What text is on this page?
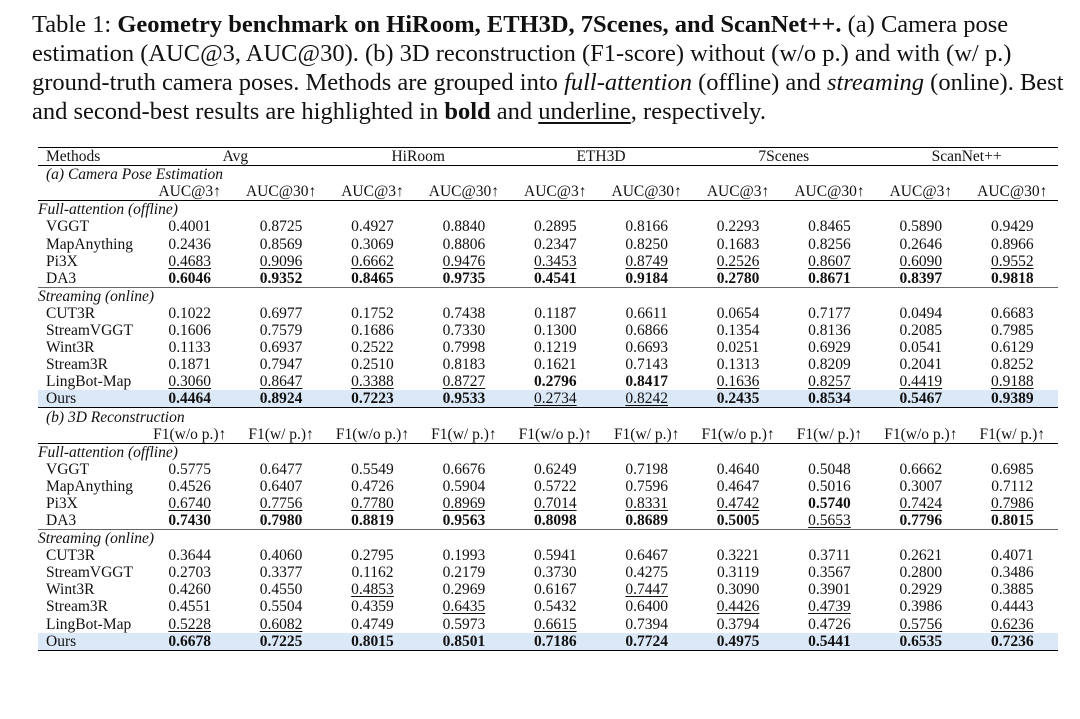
Table 1: Geometry benchmark on HiRoom, ETH3D, 7Scenes, and ScanNet++. (a) Camera pose estimation (AUC@3, AUC@30). (b) 3D reconstruction (F1-score) without (w/o p.) and with (w/ p.) ground-truth camera poses. Methods are grouped into full-attention (offline) and streaming (online). Best and second-best results are highlighted in bold and underline, respectively.
Methods	Avg		HiRoom		ETH3D		7Scenes		ScanNet++	
(a) Camera Pose Estimation										
	AUC@3↑	AUC@30↑	AUC@3↑	AUC@30↑	AUC@3↑	AUC@30↑	AUC@3↑	AUC@30↑	AUC@3↑	AUC@30↑
Full-attention (offline)										
VGGT	0.4001	0.8725	0.4927	0.8840	0.2895	0.8166	0.2293	0.8465	0.5890	0.9429
MapAnything	0.2436	0.8569	0.3069	0.8806	0.2347	0.8250	0.1683	0.8256	0.2646	0.8966
Pi3X	0.4683	0.9096	0.6662	0.9476	0.3453	0.8749	0.2526	0.8607	0.6090	0.9552
DA3	0.6046	0.9352	0.8465	0.9735	0.4541	0.9184	0.2780	0.8671	0.8397	0.9818
Streaming (online)										
CUT3R	0.1022	0.6977	0.1752	0.7438	0.1187	0.6611	0.0654	0.7177	0.0494	0.6683
StreamVGGT	0.1606	0.7579	0.1686	0.7330	0.1300	0.6866	0.1354	0.8136	0.2085	0.7985
Wint3R	0.1133	0.6937	0.2522	0.7998	0.1219	0.6693	0.0251	0.6929	0.0541	0.6129
Stream3R	0.1871	0.7947	0.2510	0.8183	0.1621	0.7143	0.1313	0.8209	0.2041	0.8252
LingBot-Map	0.3060	0.8647	0.3388	0.8727	0.2796	0.8417	0.1636	0.8257	0.4419	0.9188
Ours	0.4464	0.8924	0.7223	0.9533	0.2734	0.8242	0.2435	0.8534	0.5467	0.9389
(b) 3D Reconstruction										
	F1(w/o p.)↑	F1(w/ p.)↑	F1(w/o p.)↑	F1(w/ p.)↑	F1(w/o p.)↑	F1(w/ p.)↑	F1(w/o p.)↑	F1(w/ p.)↑	F1(w/o p.)↑	F1(w/ p.)↑
Full-attention (offline)										
VGGT	0.5775	0.6477	0.5549	0.6676	0.6249	0.7198	0.4640	0.5048	0.6662	0.6985
MapAnything	0.4526	0.6407	0.4726	0.5904	0.5722	0.7596	0.4647	0.5016	0.3007	0.7112
Pi3X	0.6740	0.7756	0.7780	0.8969	0.7014	0.8331	0.4742	0.5740	0.7424	0.7986
DA3	0.7430	0.7980	0.8819	0.9563	0.8098	0.8689	0.5005	0.5653	0.7796	0.8015
Streaming (online)										
CUT3R	0.3644	0.4060	0.2795	0.1993	0.5941	0.6467	0.3221	0.3711	0.2621	0.4071
StreamVGGT	0.2703	0.3377	0.1162	0.2179	0.3730	0.4275	0.3119	0.3567	0.2800	0.3486
Wint3R	0.4260	0.4550	0.4853	0.2969	0.6167	0.7447	0.3090	0.3901	0.2929	0.3885
Stream3R	0.4551	0.5504	0.4359	0.6435	0.5432	0.6400	0.4426	0.4739	0.3986	0.4443
LingBot-Map	0.5228	0.6082	0.4749	0.5973	0.6615	0.7394	0.3794	0.4726	0.5756	0.6236
Ours	0.6678	0.7225	0.8015	0.8501	0.7186	0.7724	0.4975	0.5441	0.6535	0.7236
